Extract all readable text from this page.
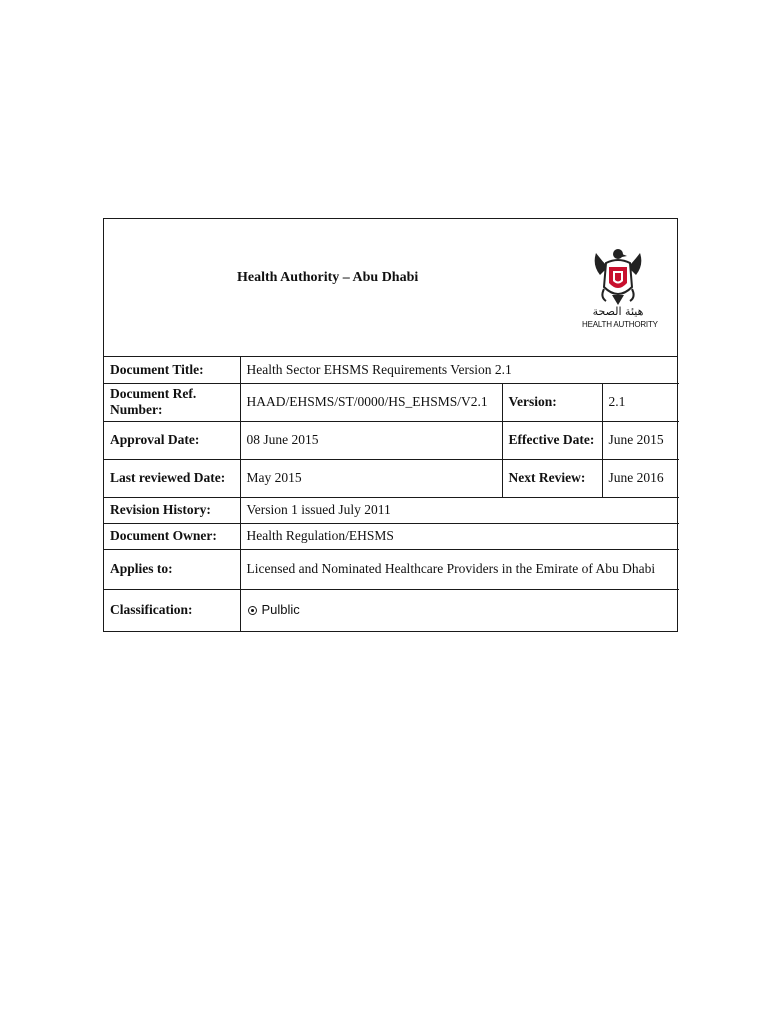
Health Authority – Abu Dhabi
هيئة الصحة
HEALTH AUTHORITY
Document Title:	Health Sector EHSMS Requirements Version 2.1		
Document Ref. Number:	HAAD/EHSMS/ST/0000/HS_EHSMS/V2.1	Version:	2.1
Approval Date:	08 June 2015	Effective Date:	June 2015
Last reviewed Date:	May 2015	Next Review:	June 2016
Revision History:	Version 1 issued July 2011		
Document Owner:	Health Regulation/EHSMS		
Applies to:	Licensed and Nominated Healthcare Providers in the Emirate of Abu Dhabi		
Classification:	Pulblic		
